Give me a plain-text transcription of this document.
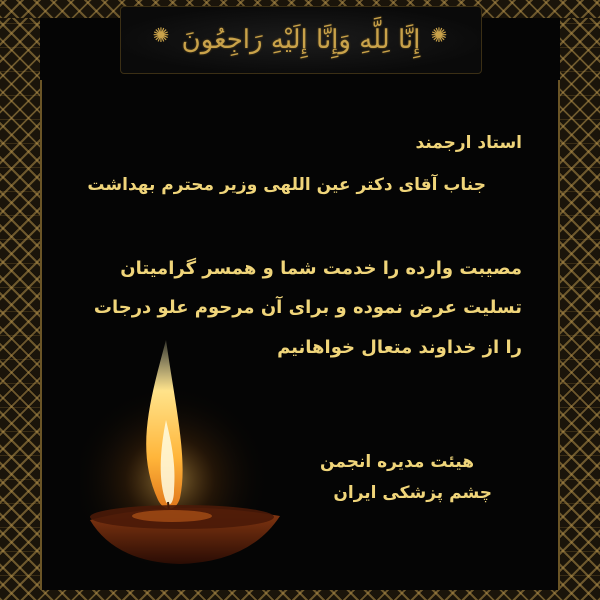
إِنَّا لِلَّهِ وَإِنَّا إِلَيْهِ رَاجِعُونَ
✺	✺
استاد ارجمند
جناب آقای دکتر عین اللهی وزیر محترم بهداشت
مصیبت وارده را خدمت شما و همسر گرامیتان
تسلیت عرض نموده و برای آن مرحوم علو درجات
را از خداوند متعال خواهانیم
هیئت مدیره انجمن
چشم پزشکی ایران
